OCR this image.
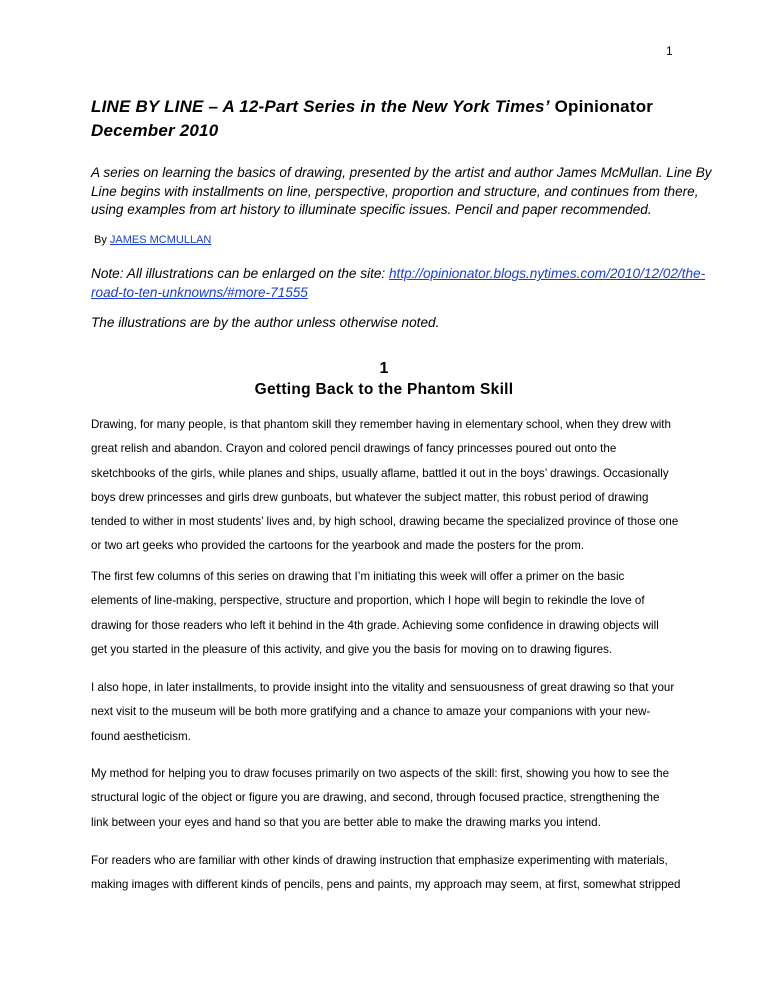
1
LINE BY LINE – A 12-Part Series in the New York Times’ Opinionator
December 2010
A series on learning the basics of drawing, presented by the artist and author James McMullan. Line By
Line begins with installments on line, perspective, proportion and structure, and continues from there,
using examples from art history to illuminate specific issues. Pencil and paper recommended.
By JAMES MCMULLAN
Note: All illustrations can be enlarged on the site: http://opinionator.blogs.nytimes.com/2010/12/02/the-
road-to-ten-unknowns/#more-71555
The illustrations are by the author unless otherwise noted.
1
Getting Back to the Phantom Skill
Drawing, for many people, is that phantom skill they remember having in elementary school, when they drew with
great relish and abandon. Crayon and colored pencil drawings of fancy princesses poured out onto the
sketchbooks of the girls, while planes and ships, usually aflame, battled it out in the boys’ drawings. Occasionally
boys drew princesses and girls drew gunboats, but whatever the subject matter, this robust period of drawing
tended to wither in most students’ lives and, by high school, drawing became the specialized province of those one
or two art geeks who provided the cartoons for the yearbook and made the posters for the prom.
The first few columns of this series on drawing that I’m initiating this week will offer a primer on the basic
elements of line-making, perspective, structure and proportion, which I hope will begin to rekindle the love of
drawing for those readers who left it behind in the 4th grade. Achieving some confidence in drawing objects will
get you started in the pleasure of this activity, and give you the basis for moving on to drawing figures.
I also hope, in later installments, to provide insight into the vitality and sensuousness of great drawing so that your
next visit to the museum will be both more gratifying and a chance to amaze your companions with your new-
found aestheticism.
My method for helping you to draw focuses primarily on two aspects of the skill: first, showing you how to see the
structural logic of the object or figure you are drawing, and second, through focused practice, strengthening the
link between your eyes and hand so that you are better able to make the drawing marks you intend.
For readers who are familiar with other kinds of drawing instruction that emphasize experimenting with materials,
making images with different kinds of pencils, pens and paints, my approach may seem, at first, somewhat stripped
